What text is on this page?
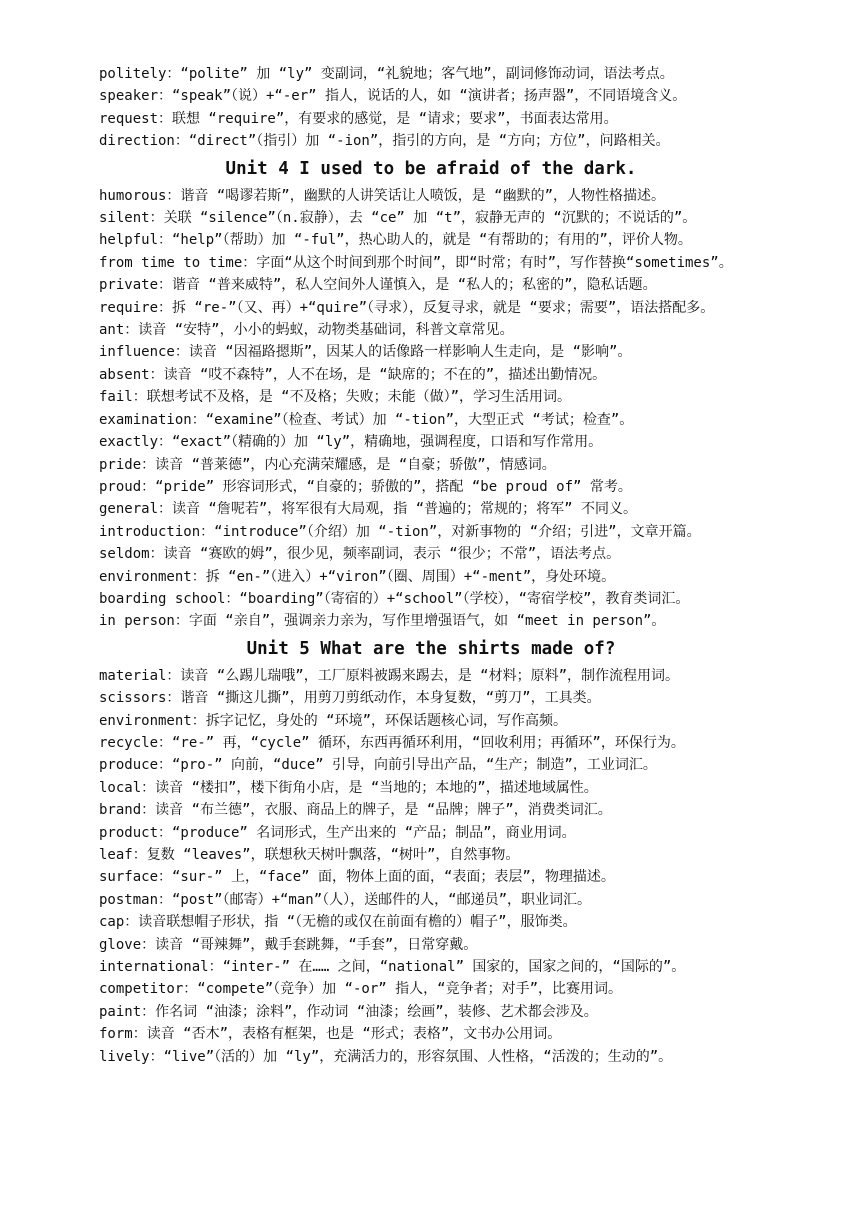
politely：“polite” 加 “ly” 变副词，“礼貌地；客气地”，副词修饰动词，语法考点。

speaker：“speak”（说）+“-er” 指人，说话的人，如 “演讲者；扬声器”，不同语境含义。

request：联想 “require”，有要求的感觉，是 “请求；要求”，书面表达常用。

direction：“direct”（指引）加 “-ion”，指引的方向，是 “方向；方位”，问路相关。

Unit 4 I used to be afraid of the dark.

humorous：谐音 “喝谬若斯”，幽默的人讲笑话让人喷饭，是 “幽默的”，人物性格描述。

silent：关联 “silence”（n.寂静），去 “ce” 加 “t”，寂静无声的 “沉默的；不说话的”。

helpful：“help”（帮助）加 “-ful”，热心助人的，就是 “有帮助的；有用的”，评价人物。

from time to time：字面“从这个时间到那个时间”，即“时常；有时”，写作替换“sometimes”。

private：谐音 “普来威特”，私人空间外人谨慎入，是 “私人的；私密的”，隐私话题。

require：拆 “re-”（又、再）+“quire”（寻求），反复寻求，就是 “要求；需要”，语法搭配多。

ant：读音 “安特”，小小的蚂蚁，动物类基础词，科普文章常见。

influence：读音 “因福路摁斯”，因某人的话像路一样影响人生走向，是 “影响”。

absent：读音 “哎不森特”，人不在场，是 “缺席的；不在的”，描述出勤情况。

fail：联想考试不及格，是 “不及格；失败；未能（做）”，学习生活用词。

examination：“examine”（检查、考试）加 “-tion”，大型正式 “考试；检查”。

exactly：“exact”（精确的）加 “ly”，精确地，强调程度，口语和写作常用。

pride：读音 “普莱德”，内心充满荣耀感，是 “自豪；骄傲”，情感词。

proud：“pride” 形容词形式，“自豪的；骄傲的”，搭配 “be proud of” 常考。

general：读音 “詹呢若”，将军很有大局观，指 “普遍的；常规的；将军” 不同义。

introduction：“introduce”（介绍）加 “-tion”，对新事物的 “介绍；引进”，文章开篇。

seldom：读音 “赛欧的姆”，很少见，频率副词，表示 “很少；不常”，语法考点。

environment：拆 “en-”（进入）+“viron”（圈、周围）+“-ment”，身处环境。

boarding school：“boarding”（寄宿的）+“school”（学校），“寄宿学校”，教育类词汇。

in person：字面 “亲自”，强调亲力亲为，写作里增强语气，如 “meet in person”。

Unit 5 What are the shirts made of?

material：读音 “么踢儿瑞哦”，工厂原料被踢来踢去，是 “材料；原料”，制作流程用词。

scissors：谐音 “撕这儿撕”，用剪刀剪纸动作，本身复数，“剪刀”，工具类。

environment：拆字记忆，身处的 “环境”，环保话题核心词，写作高频。

recycle：“re-” 再，“cycle” 循环，东西再循环利用，“回收利用；再循环”，环保行为。

produce：“pro-” 向前，“duce” 引导，向前引导出产品，“生产；制造”，工业词汇。

local：读音 “楼扣”，楼下街角小店，是 “当地的；本地的”，描述地域属性。

brand：读音 “布兰德”，衣服、商品上的牌子，是 “品牌；牌子”，消费类词汇。

product：“produce” 名词形式，生产出来的 “产品；制品”，商业用词。

leaf：复数 “leaves”，联想秋天树叶飘落，“树叶”，自然事物。

surface：“sur-” 上，“face” 面，物体上面的面，“表面；表层”，物理描述。

postman：“post”（邮寄）+“man”（人），送邮件的人，“邮递员”，职业词汇。

cap：读音联想帽子形状，指 “（无檐的或仅在前面有檐的）帽子”，服饰类。

glove：读音 “哥辣舞”，戴手套跳舞，“手套”，日常穿戴。

international：“inter-” 在…… 之间，“national” 国家的，国家之间的，“国际的”。

competitor：“compete”（竞争）加 “-or” 指人，“竞争者；对手”，比赛用词。

paint：作名词 “油漆；涂料”，作动词 “油漆；绘画”，装修、艺术都会涉及。

form：读音 “否木”，表格有框架，也是 “形式；表格”，文书办公用词。

lively：“live”（活的）加 “ly”，充满活力的，形容氛围、人性格，“活泼的；生动的”。
